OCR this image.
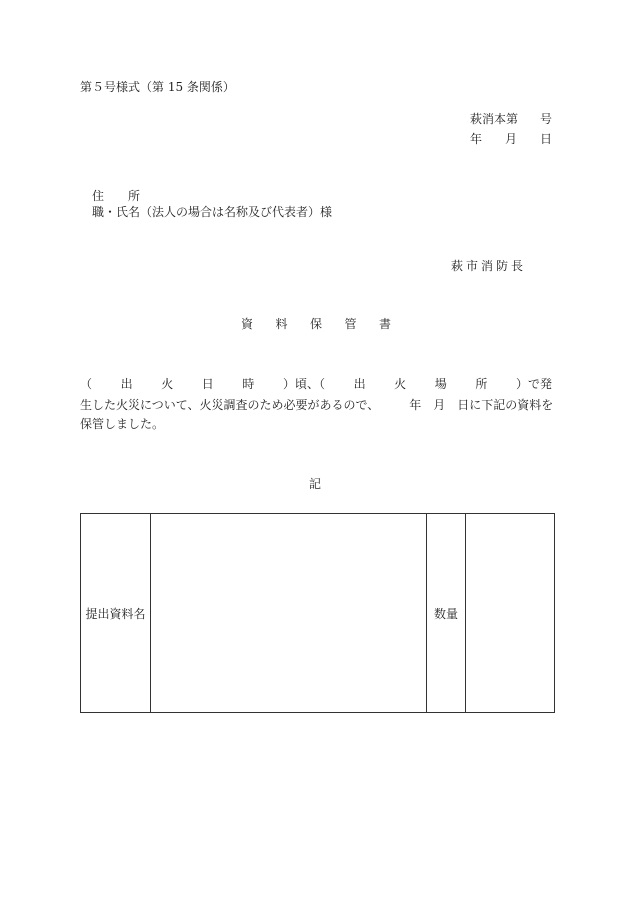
第５号様式（第 15 条関係）
萩消本第 号
年 月 日
住　　所
職・氏名（法人の場合は名称及び代表者）様
萩市消防長
資 料 保 管 書
（ 出 火 日 時 ）頃、（ 出 火 場 所 ）で発
生した火災について、火災調査のため必要があるので、　　　年　月　日に下記の資料を
保管しました。
記
提出資料名		数量	
